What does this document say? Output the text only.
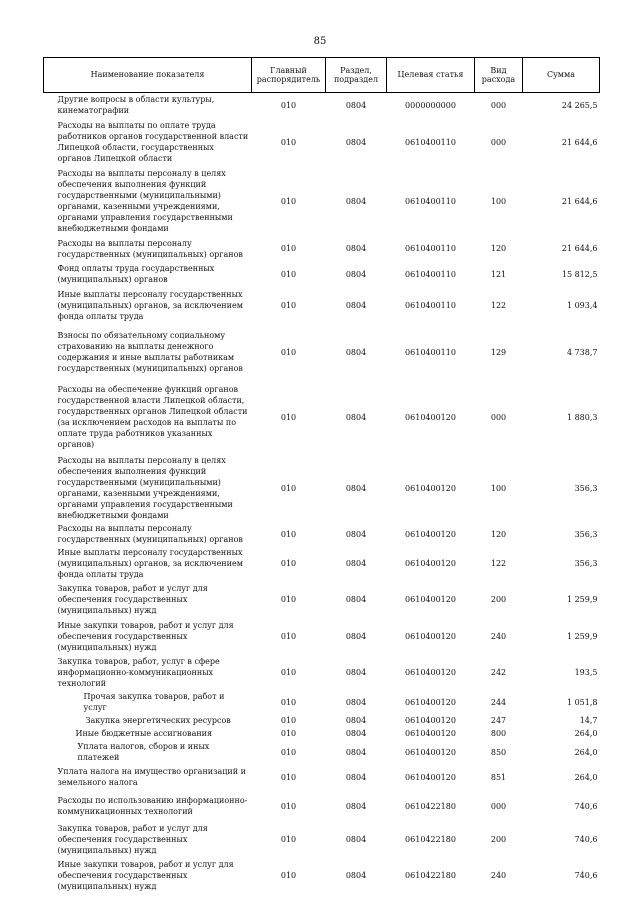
85
Наименование показателя	Главный распорядитель	Раздел, подраздел	Целевая статья	Вид расхода	Сумма
Другие вопросы в области культуры, кинематографии	010	0804	0000000000	000	24 265,5
Расходы на выплаты по оплате труда работников органов государственной власти Липецкой области, государственных органов Липецкой области	010	0804	0610400110	000	21 644,6
Расходы на выплаты персоналу в целях обеспечения выполнения функций государственными (муниципальными) органами, казенными учреждениями, органами управления государственными внебюджетными фондами	010	0804	0610400110	100	21 644,6
Расходы на выплаты персоналу государственных (муниципальных) органов	010	0804	0610400110	120	21 644,6
Фонд оплаты труда государственных (муниципальных) органов	010	0804	0610400110	121	15 812,5
Иные выплаты персоналу государственных (муниципальных) органов, за исключением фонда оплаты труда	010	0804	0610400110	122	1 093,4
Взносы по обязательному социальному страхованию на выплаты денежного содержания и иные выплаты работникам государственных (муниципальных) органов	010	0804	0610400110	129	4 738,7
Расходы на обеспечение функций органов государственной власти Липецкой области, государственных органов Липецкой области (за исключением расходов на выплаты по оплате труда работников указанных органов)	010	0804	0610400120	000	1 880,3
Расходы на выплаты персоналу в целях обеспечения выполнения функций государственными (муниципальными) органами, казенными учреждениями, органами управления государственными внебюджетными фондами	010	0804	0610400120	100	356,3
Расходы на выплаты персоналу государственных (муниципальных) органов	010	0804	0610400120	120	356,3
Иные выплаты персоналу государственных (муниципальных) органов, за исключением фонда оплаты труда	010	0804	0610400120	122	356,3
Закупка товаров, работ и услуг для обеспечения государственных (муниципальных) нужд	010	0804	0610400120	200	1 259,9
Иные закупки товаров, работ и услуг для обеспечения государственных (муниципальных) нужд	010	0804	0610400120	240	1 259,9
Закупка товаров, работ, услуг в сфере информационно-коммуникационных технологий	010	0804	0610400120	242	193,5
Прочая закупка товаров, работ и услуг	010	0804	0610400120	244	1 051,8
Закупка энергетических ресурсов	010	0804	0610400120	247	14,7
Иные бюджетные ассигнования	010	0804	0610400120	800	264,0
Уплата налогов, сборов и иных платежей	010	0804	0610400120	850	264,0
Уплата налога на имущество организаций и земельного налога	010	0804	0610400120	851	264,0
Расходы по использованию информационно-коммуникационных технологий	010	0804	0610422180	000	740,6
Закупка товаров, работ и услуг для обеспечения государственных (муниципальных) нужд	010	0804	0610422180	200	740,6
Иные закупки товаров, работ и услуг для обеспечения государственных (муниципальных) нужд	010	0804	0610422180	240	740,6
